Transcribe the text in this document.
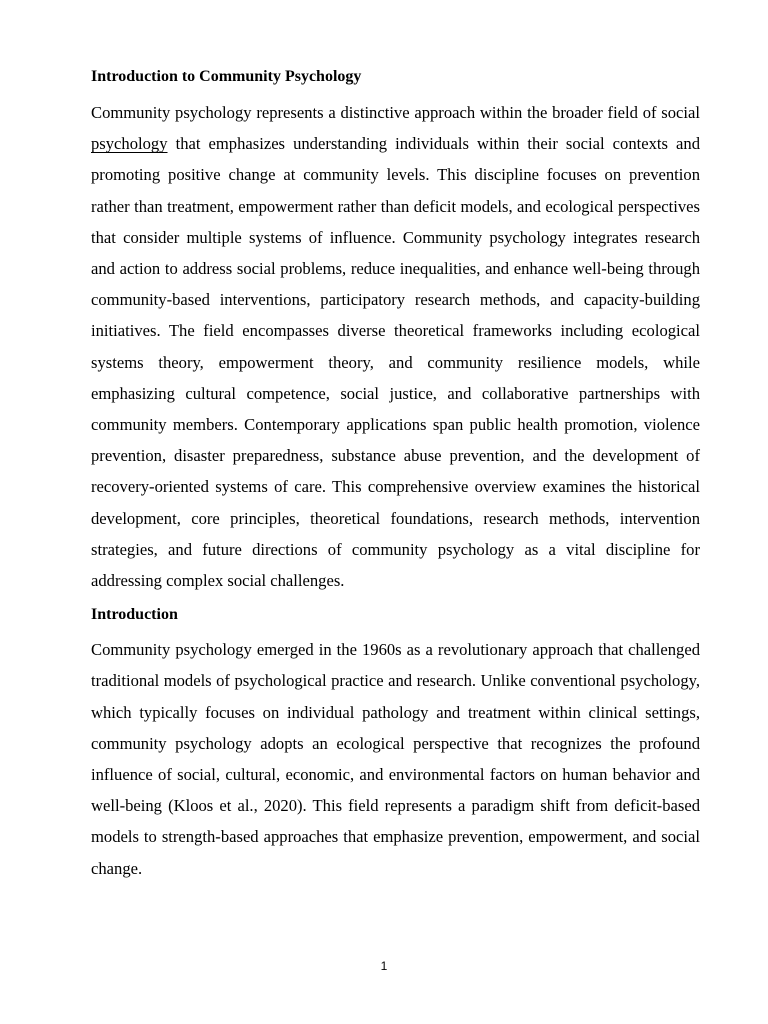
Introduction to Community Psychology

Community psychology represents a distinctive approach within the broader field of social psychology that emphasizes understanding individuals within their social contexts and promoting positive change at community levels. This discipline focuses on prevention rather than treatment, empowerment rather than deficit models, and ecological perspectives that consider multiple systems of influence. Community psychology integrates research and action to address social problems, reduce inequalities, and enhance well-being through community-based interventions, participatory research methods, and capacity-building initiatives. The field encompasses diverse theoretical frameworks including ecological systems theory, empowerment theory, and community resilience models, while emphasizing cultural competence, social justice, and collaborative partnerships with community members. Contemporary applications span public health promotion, violence prevention, disaster preparedness, substance abuse prevention, and the development of recovery-oriented systems of care. This comprehensive overview examines the historical development, core principles, theoretical foundations, research methods, intervention strategies, and future directions of community psychology as a vital discipline for addressing complex social challenges.

Introduction

Community psychology emerged in the 1960s as a revolutionary approach that challenged traditional models of psychological practice and research. Unlike conventional psychology, which typically focuses on individual pathology and treatment within clinical settings, community psychology adopts an ecological perspective that recognizes the profound influence of social, cultural, economic, and environmental factors on human behavior and well-being (Kloos et al., 2020). This field represents a paradigm shift from deficit-based models to strength-based approaches that emphasize prevention, empowerment, and social change.

1
